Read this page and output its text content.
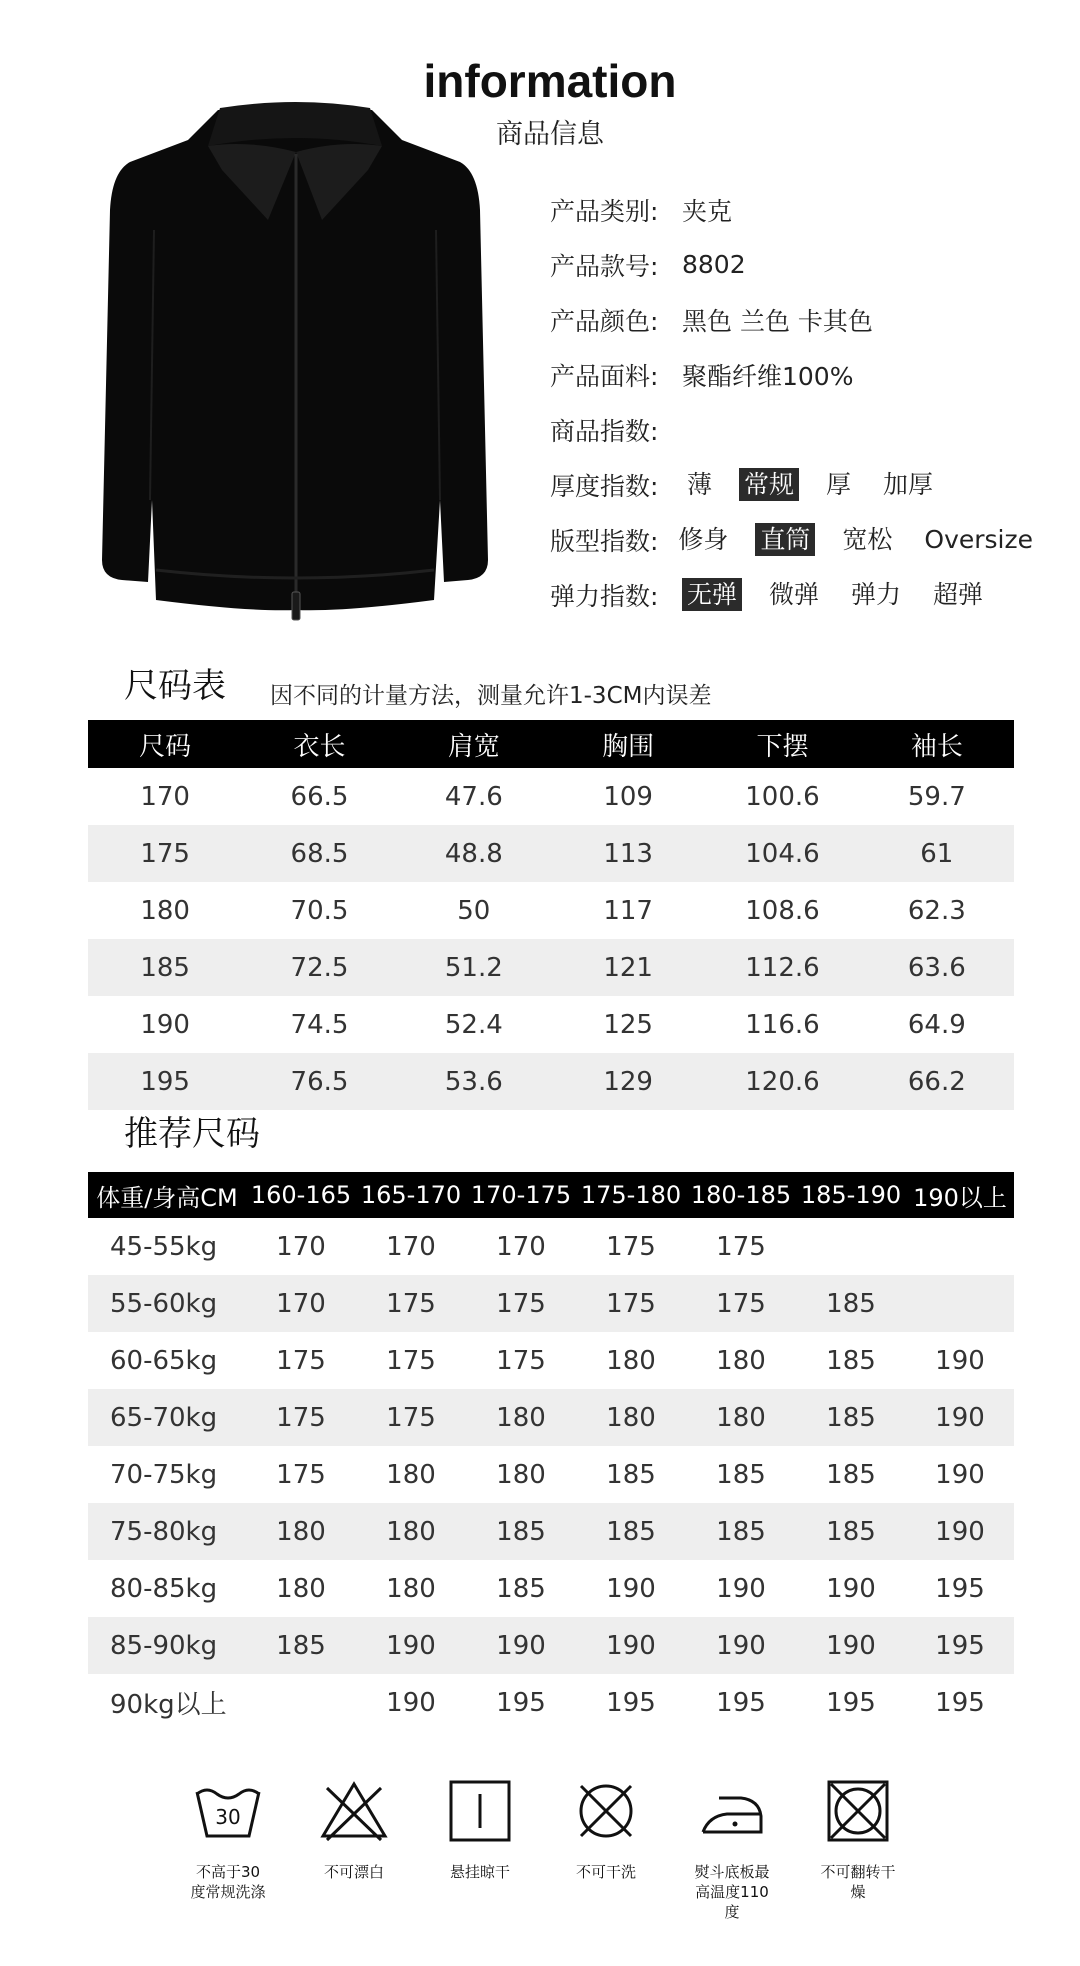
information
商品信息
产品类别: 夹克
产品款号: 8802
产品颜色: 黑色 兰色 卡其色
产品面料: 聚酯纤维100%
商品指数:
厚度指数:	薄 常规 厚 加厚
版型指数: 修身 直筒 宽松 Oversize
弹力指数:	无弹 微弹 弹力 超弹
尺码表 因不同的计量方法，测量允许1-3CM内误差
尺码	衣长	肩宽	胸围	下摆	袖长
170	66.5	47.6	109	100.6	59.7
175	68.5	48.8	113	104.6	61
180	70.5	50	117	108.6	62.3
185	72.5	51.2	121	112.6	63.6
190	74.5	52.4	125	116.6	64.9
195	76.5	53.6	129	120.6	66.2
推荐尺码
体重/身高CM	160-165	165-170	170-175	175-180	180-185	185-190	190以上
45-55kg	170	170	170	175	175		
55-60kg	170	175	175	175	175	185	
60-65kg	175	175	175	180	180	185	190
65-70kg	175	175	180	180	180	185	190
70-75kg	175	180	180	185	185	185	190
75-80kg	180	180	185	185	185	185	190
80-85kg	180	180	185	190	190	190	195
85-90kg	185	190	190	190	190	190	195
90kg以上		190	195	195	195	195	195
30
不高于30
度常规洗涤
不可漂白	悬挂晾干	不可干洗	熨斗底板最
高温度110
度
不可翻转干
燥
